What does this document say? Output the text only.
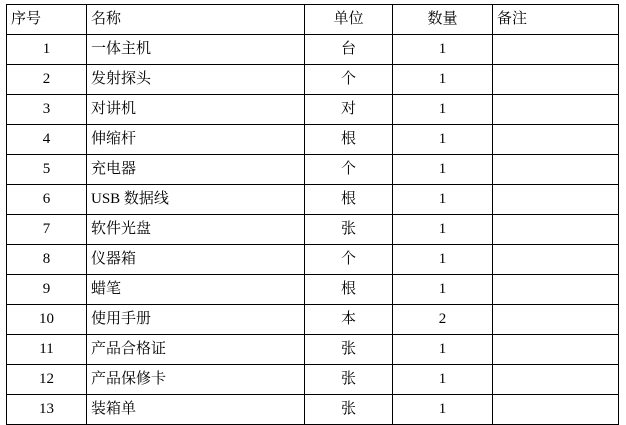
序号	名称	单位	数量	备注
1	一体主机	台	1	
2	发射探头	个	1	
3	对讲机	对	1	
4	伸缩杆	根	1	
5	充电器	个	1	
6	USB 数据线	根	1	
7	软件光盘	张	1	
8	仪器箱	个	1	
9	蜡笔	根	1	
10	使用手册	本	2	
11	产品合格证	张	1	
12	产品保修卡	张	1	
13	装箱单	张	1	
